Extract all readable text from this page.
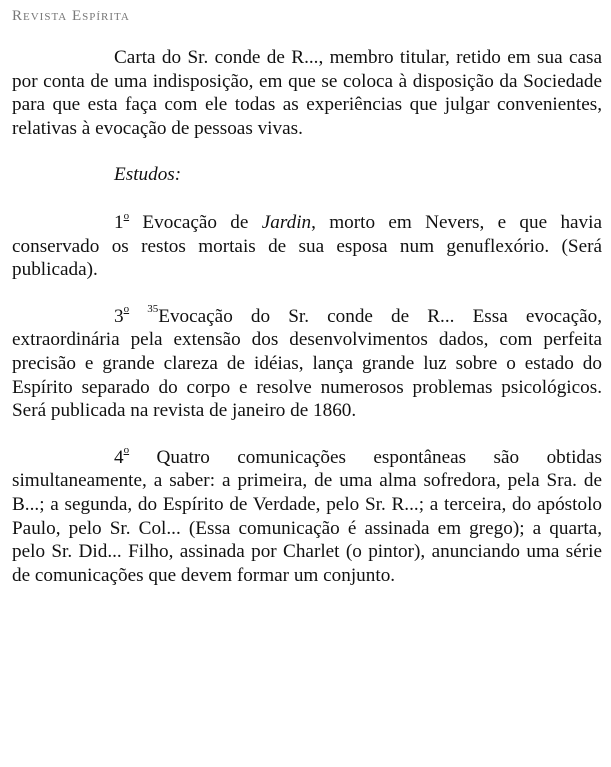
Revista Espírita

Carta do Sr. conde de R..., membro titular, retido em sua casa por conta de uma indisposição, em que se coloca à disposição da Sociedade para que esta faça com ele todas as experiências que julgar convenientes, relativas à evocação de pessoas vivas.

Estudos:

1$^o$ Evocação de Jardin, morto em Nevers, e que havia conservado os restos mortais de sua esposa num genuflexório. (Será publicada).

3$^o$ $^{35}$Evocação do Sr. conde de R... Essa evocação, extraordinária pela extensão dos desenvolvimentos dados, com perfeita precisão e grande clareza de idéias, lança grande luz sobre o estado do Espírito separado do corpo e resolve numerosos problemas psicológicos. Será publicada na revista de janeiro de 1860.

4$^o$ Quatro comunicações espontâneas são obtidas simultaneamente, a saber: a primeira, de uma alma sofredora, pela Sra. de B...; a segunda, do Espírito de Verdade, pelo Sr. R...; a terceira, do apóstolo Paulo, pelo Sr. Col... (Essa comunicação é assinada em grego); a quarta, pelo Sr. Did... Filho, assinada por Charlet (o pintor), anunciando uma série de comunicações que devem formar um conjunto.
